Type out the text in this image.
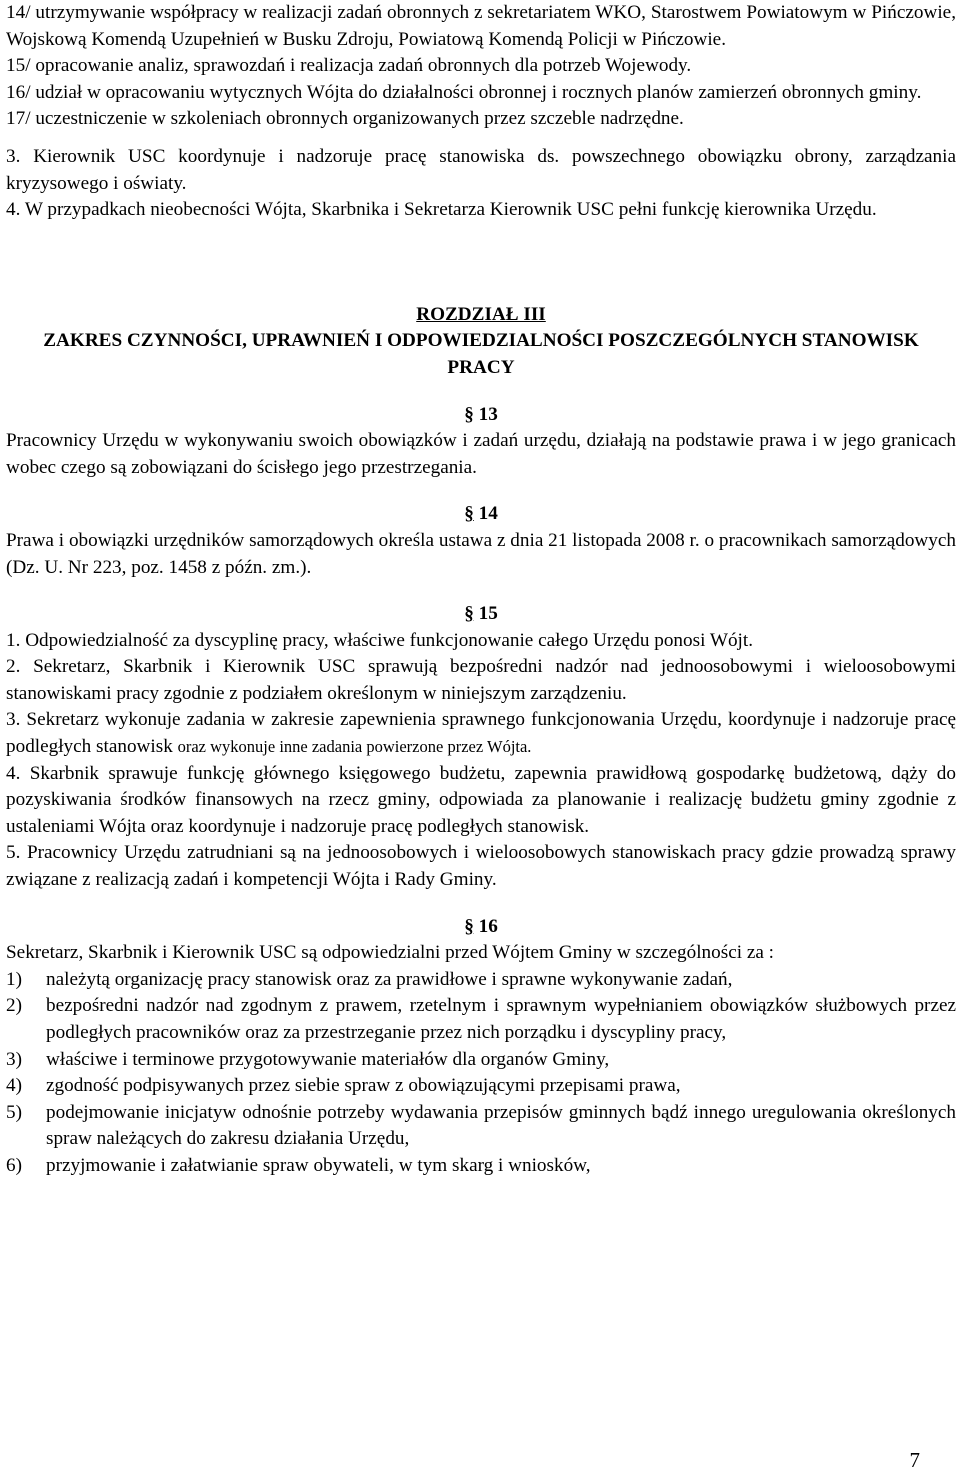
14/ utrzymywanie współpracy w realizacji zadań obronnych z sekretariatem WKO, Starostwem Powiatowym w Pińczowie, Wojskową Komendą Uzupełnień w Busku Zdroju, Powiatową Komendą Policji w Pińczowie.

15/ opracowanie analiz, sprawozdań i realizacja zadań obronnych dla potrzeb Wojewody.

16/ udział w opracowaniu wytycznych Wójta do działalności obronnej i rocznych planów zamierzeń obronnych gminy.

17/ uczestniczenie w szkoleniach obronnych organizowanych przez szczeble nadrzędne.

3. Kierownik USC koordynuje i nadzoruje pracę stanowiska ds. powszechnego obowiązku obrony, zarządzania kryzysowego i oświaty.

4. W przypadkach nieobecności Wójta, Skarbnika i Sekretarza Kierownik USC pełni funkcję kierownika Urzędu.

ROZDZIAŁ III

ZAKRES CZYNNOŚCI, UPRAWNIEŃ I ODPOWIEDZIALNOŚCI POSZCZEGÓLNYCH STANOWISK PRACY

§ 13

Pracownicy Urzędu w wykonywaniu swoich obowiązków i zadań urzędu, działają na podstawie prawa i w jego granicach wobec czego są zobowiązani do ścisłego jego przestrzegania.

§ 14

Prawa i obowiązki urzędników samorządowych określa ustawa z dnia 21 listopada 2008 r. o pracownikach samorządowych (Dz. U. Nr 223, poz. 1458 z późn. zm.).

§ 15

1. Odpowiedzialność za dyscyplinę pracy, właściwe funkcjonowanie całego Urzędu ponosi Wójt.

2. Sekretarz, Skarbnik i Kierownik USC sprawują bezpośredni nadzór nad jednoosobowymi i wieloosobowymi stanowiskami pracy zgodnie z podziałem określonym w niniejszym zarządzeniu.

3. Sekretarz wykonuje zadania w zakresie zapewnienia sprawnego funkcjonowania Urzędu, koordynuje i nadzoruje pracę podległych stanowisk oraz wykonuje inne zadania powierzone przez Wójta.

4. Skarbnik sprawuje funkcję głównego księgowego budżetu, zapewnia prawidłową gospodarkę budżetową, dąży do pozyskiwania środków finansowych na rzecz gminy, odpowiada za planowanie i realizację budżetu gminy zgodnie z ustaleniami Wójta oraz koordynuje i nadzoruje pracę podległych stanowisk.

5. Pracownicy Urzędu zatrudniani są na jednoosobowych i wieloosobowych stanowiskach pracy gdzie prowadzą sprawy związane z realizacją zadań i kompetencji Wójta i Rady Gminy.

§ 16

Sekretarz, Skarbnik i Kierownik USC są odpowiedzialni przed Wójtem Gminy w szczególności za :

1)	należytą organizację pracy stanowisk oraz za prawidłowe i sprawne wykonywanie zadań,
2)	bezpośredni nadzór nad zgodnym z prawem, rzetelnym i sprawnym wypełnianiem obowiązków służbowych przez podległych pracowników oraz za przestrzeganie przez nich porządku i dyscypliny pracy,
3)	właściwe i terminowe przygotowywanie materiałów dla organów Gminy,
4)	zgodność podpisywanych przez siebie spraw z obowiązującymi przepisami prawa,
5)	podejmowanie inicjatyw odnośnie potrzeby wydawania przepisów gminnych bądź innego uregulowania określonych spraw należących do zakresu działania Urzędu,
6)	przyjmowanie i załatwianie spraw obywateli, w tym skarg i wniosków,
7
